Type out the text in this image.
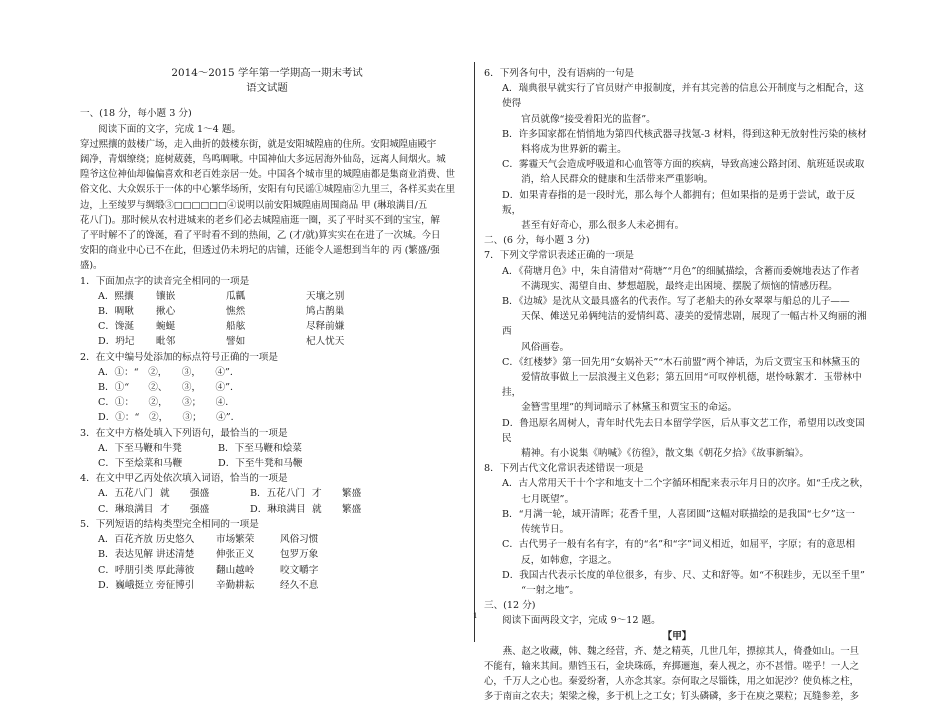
2014～2015 学年第一学期高一期末考试
语文试题

一、(18 分，每小题 3 分)

阅读下面的文字，完成 1～4 题。

穿过熙攘的鼓楼广场，走入曲折的鼓楼东街，就是安阳城隍庙的住所。安阳城隍庙殿宇

阔净，青烟缭绕；庭树葳蕤，鸟鸣啁啾。中国神仙大多远居海外仙岛，远离人间烟火。城

隍爷这位神仙却偏偏喜欢和老百姓亲居一处。中国各个城市里的城隍庙都是集商业消费、世

俗文化、大众娱乐于一体的中心繁华场所，安阳有句民谣①城隍庙②九里三，各样买卖在里

边，上至绫罗与绸缎③□□□□□□④说明以前安阳城隍庙周围商品 甲 (琳琅满目/五

花八门)。那时候从农村进城来的老乡们必去城隍庙逛一圈，买了平时买不到的宝宝，解

了平时解不了的馋涎，看了平时看不到的热闹，乙 (才/就)算实实在在进了一次城。今日

安阳的商业中心已不在此，但透过仍未坍圮的店铺，还能令人遥想到当年的 丙 (繁盛/强

盛)。

1．下面加点字的读音完全相同的一项是

A．熙攘	镶嵌	瓜瓤	天壤之别
B．啁啾	揪心	憔然	鸠占鹊巢
C．馋涎	蜿蜒	船舷	尽释前嫌
D．坍圮	毗邻	譬如	杞人忧天

2．在文中编号处添加的标点符号正确的一项是

A．①：“　②，　　③，　　④”．

B．①“　　②、　　③，　　④”．

C．①：　　②，　　③；　　④．

D．①：“　②，　　③；　　④”．

3．在文中方格处填入下列语句，最恰当的一项是

A．下至马鞭和牛凳	B．下至马鞭和烩菜
C．下至烩菜和马鞭	D．下至牛凳和马鞭

4．在文中甲乙丙处依次填入词语，恰当的一项是

A．五花八门 就	强盛	B．五花八门 才	繁盛
C．琳琅满目 才	强盛	D．琳琅满目 就	繁盛

5．下列短语的结构类型完全相同的一项是

A．百花齐放 历史悠久	市场繁荣	风俗习惯
B．表达见解 讲述清楚	伸张正义	包罗万象
C．呼朋引类 厚此薄彼	翻山越岭	咬文嚼字
D．巍峨挺立 旁征博引	辛勤耕耘	经久不息

6．下列各句中，没有语病的一句是

A．瑞典很早就实行了官员财产申报制度，并有其完善的信息公开制度与之相配合，这使得

　　官员就像“接受着阳光的监督”。

B．许多国家都在悄悄地为第四代核武器寻找氪-3 材料，得到这种无放射性污染的核材

　　料将成为世界新的霸主。

C．雾霾天气会造成呼吸道和心血管等方面的疾病，导致高速公路封闭、航班延误或取

　　消，给人民群众的健康和生活带来严重影响。

D．如果青春指的是一段时光，那么每个人都拥有；但如果指的是勇于尝试，敢于反叛，

　　甚至有好奇心，那么很多人未必拥有。

二、(6 分，每小题 3 分)

7．下列文学常识表述正确的一项是

A．《荷塘月色》中，朱自清借对“荷塘”“月色”的细腻描绘，含蓄而委婉地表达了作者

　　不满现实、渴望自由、梦想超脱，最终走出困境、摆脱了烦恼的情感历程。

B．《边城》是沈从文最具盛名的代表作。写了老船夫的孙女翠翠与船总的儿子——

　　天保、傩送兄弟俩纯洁的爱情纠葛、凄美的爱情悲剧，展现了一幅古朴又绚丽的湘西

　　风俗画卷。

C．《红楼梦》第一回先用“女娲补天”“木石前盟”两个神话，为后文贾宝玉和林黛玉的

　　爱情故事做上一层浪漫主义色彩；第五回用“可叹停机德，堪怜咏絮才．玉带林中挂，

　　金簪雪里埋”的判词暗示了林黛玉和贾宝玉的命运。

D．鲁迅原名周树人，青年时代先去日本留学学医，后从事文艺工作，希望用以改变国民

　　精神。有小说集《呐喊》《彷徨》，散文集《朝花夕拾》《故事新编》。

8．下列古代文化常识表述错误一项是

A．古人常用天干十个字和地支十二个字循环相配来表示年月日的次序。如“壬戌之秋，

　　七月既望”。

B．“月满一轮，域开清晖；花香千里，人喜团圆”这幅对联描绘的是我国“七夕”这一

　　传统节日。

C．古代男子一般有名有字，有的“名”和“字”词义相近，如屈平，字原；有的意思相

　　反，如韩愈，字退之。

D．我国古代表示长度的单位很多，有步、尺、丈和舒等。如“不积跬步，无以至千里”

　　“一射之地”。

三、(12 分)

阅读下面两段文字，完成 9～12 题。

【甲】

燕、赵之收藏，韩、魏之经营，齐、楚之精英，几世几年，摽掠其人，倚叠如山。一旦

不能有，输来其间。鼎铛玉石，金块珠砾，弃掷逦迤，秦人视之，亦不甚惜。嗟乎！一人之

心，千万人之心也。秦爱纷奢，人亦念其家。奈何取之尽锱铢，用之如泥沙？使负栋之柱，

多于南亩之农夫；架梁之椽，多于机上之工女；钉头磷磷，多于在庾之粟粒；瓦缝参差，多

1
